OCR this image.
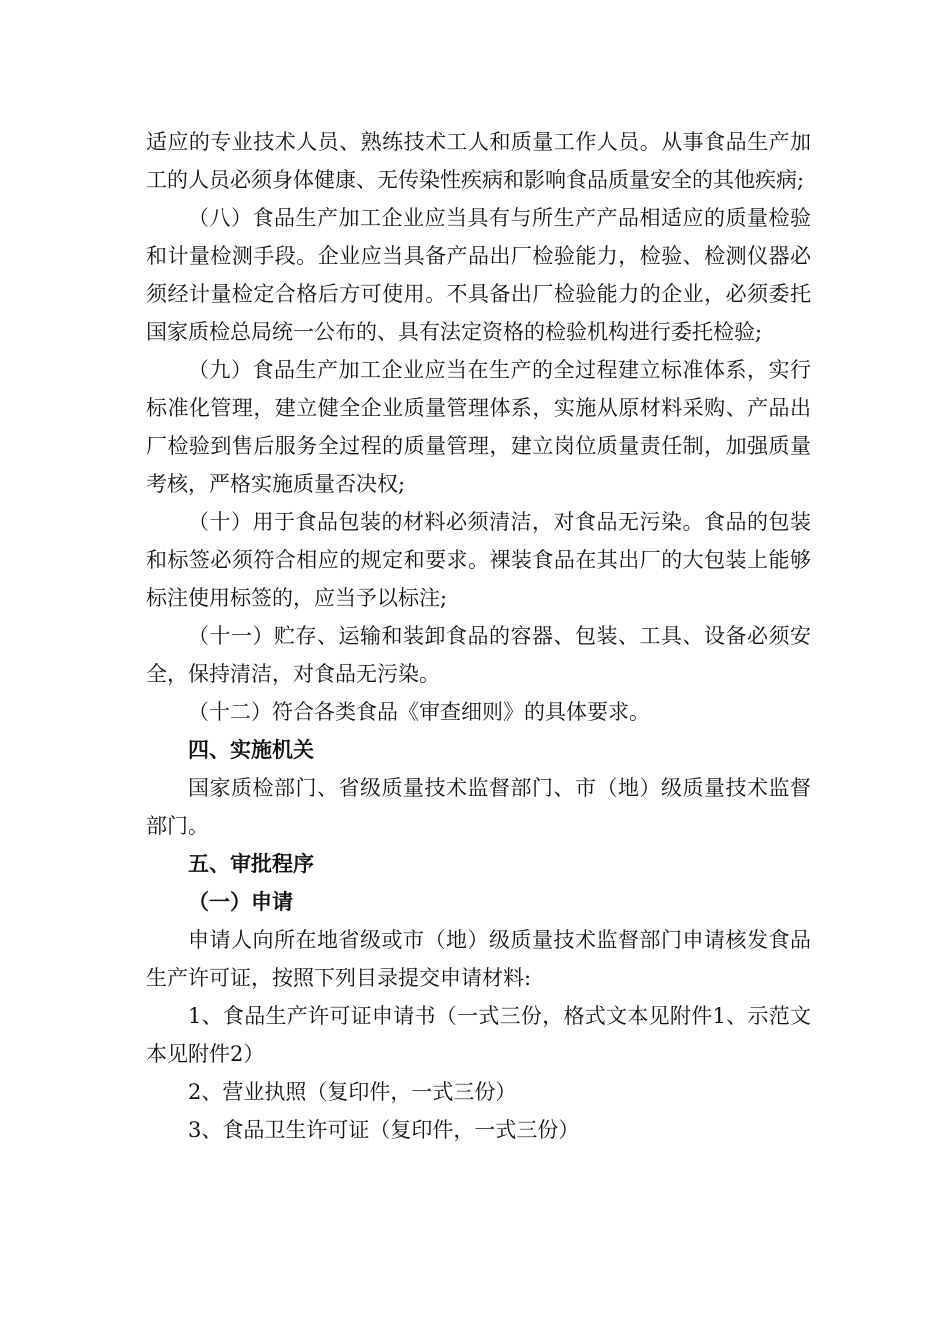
适应的专业技术人员、熟练技术工人和质量工作人员。从事食品生产加工的人员必须身体健康、无传染性疾病和影响食品质量安全的其他疾病;

（八）食品生产加工企业应当具有与所生产产品相适应的质量检验和计量检测手段。企业应当具备产品出厂检验能力，检验、检测仪器必须经计量检定合格后方可使用。不具备出厂检验能力的企业，必须委托国家质检总局统一公布的、具有法定资格的检验机构进行委托检验;

（九）食品生产加工企业应当在生产的全过程建立标准体系，实行标准化管理，建立健全企业质量管理体系，实施从原材料采购、产品出厂检验到售后服务全过程的质量管理，建立岗位质量责任制，加强质量考核，严格实施质量否决权;

（十）用于食品包装的材料必须清洁，对食品无污染。食品的包装和标签必须符合相应的规定和要求。裸装食品在其出厂的大包装上能够标注使用标签的，应当予以标注;

（十一）贮存、运输和装卸食品的容器、包装、工具、设备必须安全，保持清洁，对食品无污染。

（十二）符合各类食品《审查细则》的具体要求。

四、实施机关

国家质检部门、省级质量技术监督部门、市（地）级质量技术监督部门。

五、审批程序

（一）申请

申请人向所在地省级或市（地）级质量技术监督部门申请核发食品生产许可证，按照下列目录提交申请材料:

1、食品生产许可证申请书（一式三份，格式文本见附件1、示范文本见附件2）

2、营业执照（复印件，一式三份）

3、食品卫生许可证（复印件，一式三份）
